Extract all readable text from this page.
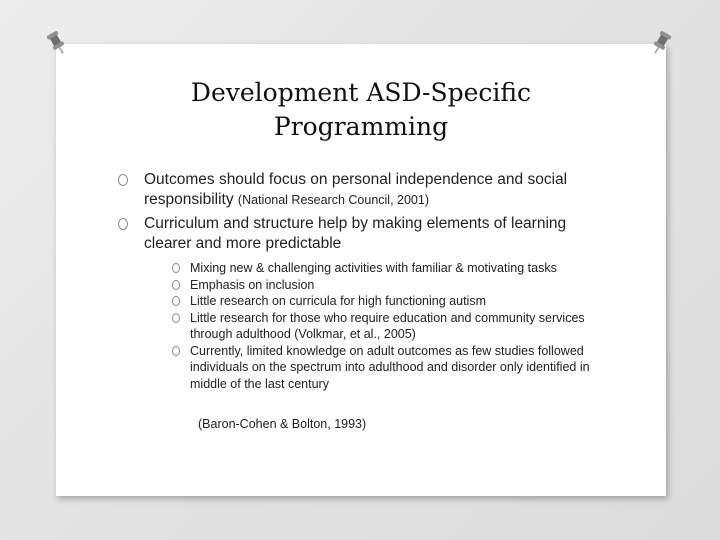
Development ASD-Specific
Programming
Outcomes should focus on personal independence and social responsibility (National Research Council, 2001)
Curriculum and structure help by making elements of learning clearer and more predictable
Mixing new & challenging activities with familiar & motivating tasks
Emphasis on inclusion
Little research on curricula for high functioning autism
Little research for those who require education and community services through adulthood (Volkmar, et al., 2005)
Currently, limited knowledge on adult outcomes as few studies followed individuals on the spectrum into adulthood and disorder only identified in middle of the last century
(Baron-Cohen & Bolton, 1993)
